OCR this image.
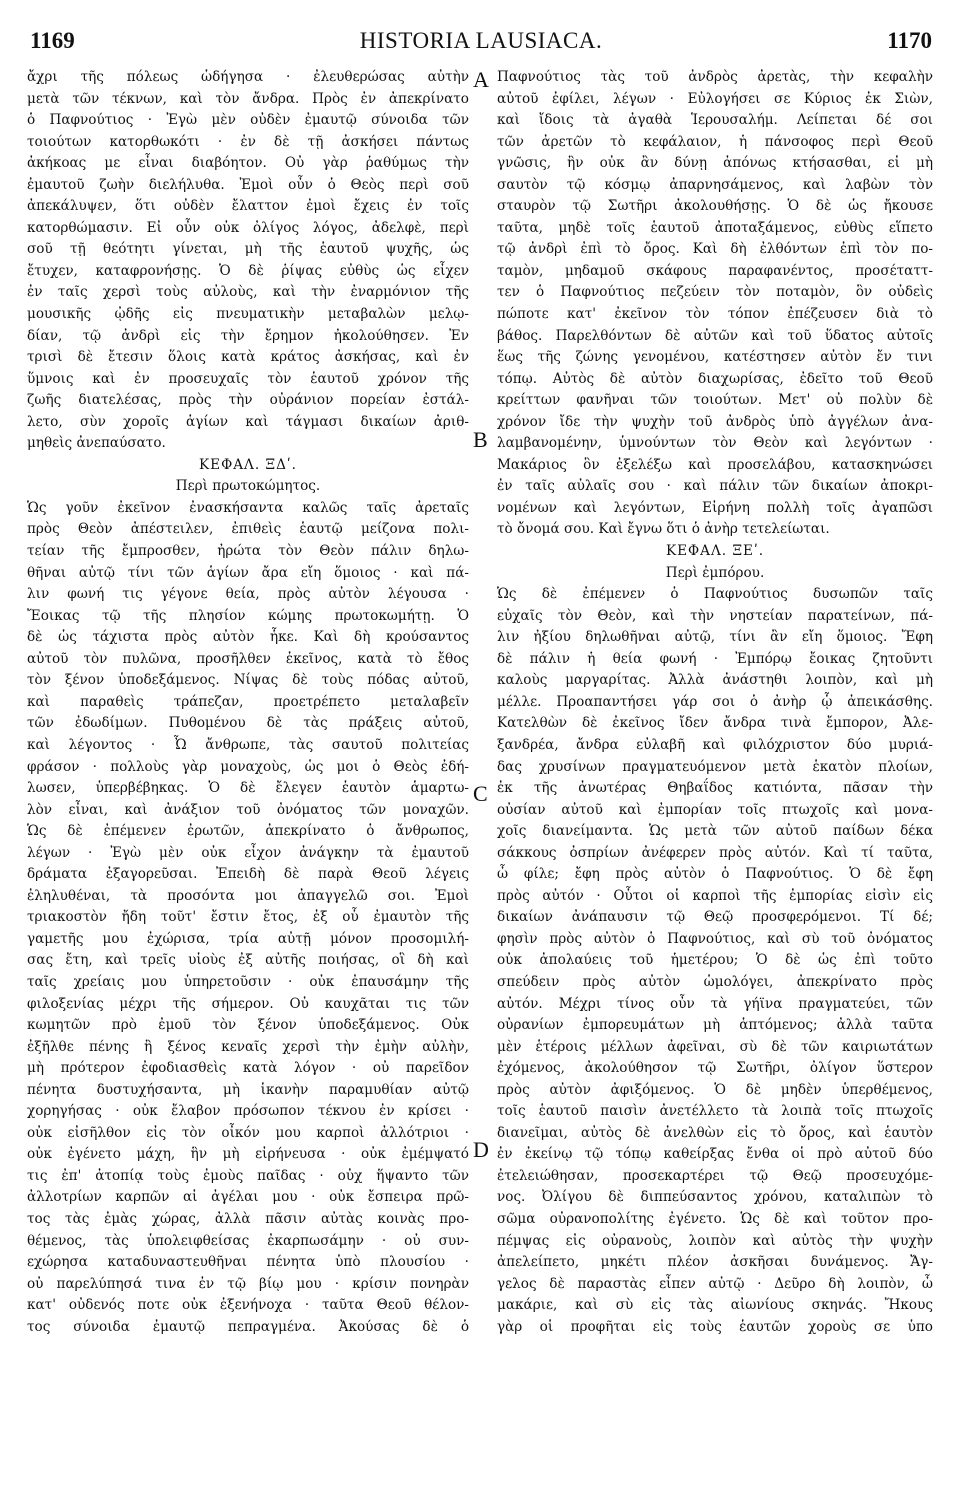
1169	HISTORIA LAUSIACA.	1170
A
B
C
D

ἄχρι τῆς πόλεως ὡδήγησα · ἐλευθερώσας αὐτὴν

μετὰ τῶν τέκνων, καὶ τὸν ἄνδρα. Πρὸς ἐν ἀπεκρίνατο

ὁ Παφνούτιος · Ἐγὼ μὲν οὐδὲν ἐμαυτῷ σύνοιδα τῶν

τοιούτων κατορθωκότι · ἐν δὲ τῇ ἀσκήσει πάντως

ἀκήκοας με εἶναι διαβόητον. Οὐ γὰρ ῥαθύμως τὴν

ἐμαυτοῦ ζωὴν διελήλυθα. Ἐμοὶ οὖν ὁ Θεὸς περὶ σοῦ

ἀπεκάλυψεν, ὅτι οὐδὲν ἔλαττον ἐμοὶ ἔχεις ἐν τοῖς

κατορθώμασιν. Εἰ οὖν οὐκ ὀλίγος λόγος, ἀδελφὲ, περὶ

σοῦ τῇ θεότητι γίνεται, μὴ τῆς ἑαυτοῦ ψυχῆς, ὡς

ἔτυχεν, καταφρονήσῃς. Ὁ δὲ ῥίψας εὐθὺς ὡς εἶχεν

ἐν ταῖς χερσὶ τοὺς αὐλοὺς, καὶ τὴν ἐναρμόνιον τῆς

μουσικῆς ᾠδῆς εἰς πνευματικὴν μεταβαλὼν μελῳ-

δίαν, τῷ ἀνδρὶ εἰς τὴν ἔρημον ἠκολούθησεν. Ἐν

τρισὶ δὲ ἔτεσιν ὅλοις κατὰ κράτος ἀσκήσας, καὶ ἐν

ὕμνοις καὶ ἐν προσευχαῖς τὸν ἑαυτοῦ χρόνον τῆς

ζωῆς διατελέσας, πρὸς τὴν οὐράνιον πορείαν ἐστάλ-

λετο, σὺν χοροῖς ἁγίων καὶ τάγμασι δικαίων ἀριθ-

μηθεὶς ἀνεπαύσατο.

ΚΕΦΑΛ. ΞΔʹ.

Περὶ πρωτοκώμητος.

Ὡς γοῦν ἐκεῖνον ἐνασκήσαντα καλῶς ταῖς ἀρεταῖς

πρὸς Θεὸν ἀπέστειλεν, ἐπιθεὶς ἑαυτῷ μείζονα πολι-

τείαν τῆς ἔμπροσθεν, ἠρώτα τὸν Θεὸν πάλιν δηλω-

θῆναι αὐτῷ τίνι τῶν ἁγίων ἄρα εἴη ὅμοιος · καὶ πά-

λιν φωνή τις γέγονε θεία, πρὸς αὐτὸν λέγουσα ·

Ἔοικας τῷ τῆς πλησίον κώμης πρωτοκωμήτῃ. Ὁ

δὲ ὡς τάχιστα πρὸς αὐτὸν ἧκε. Καὶ δὴ κρούσαντος

αὐτοῦ τὸν πυλῶνα, προσῆλθεν ἐκεῖνος, κατὰ τὸ ἔθος

τὸν ξένον ὑποδεξάμενος. Νίψας δὲ τοὺς πόδας αὐτοῦ,

καὶ παραθεὶς τράπεζαν, προετρέπετο μεταλαβεῖν

τῶν ἐδωδίμων. Πυθομένου δὲ τὰς πράξεις αὐτοῦ,

καὶ λέγοντος · Ὦ ἄνθρωπε, τὰς σαυτοῦ πολιτείας

φράσον · πολλοὺς γὰρ μοναχοὺς, ὡς μοι ὁ Θεὸς ἐδή-

λωσεν, ὑπερβέβηκας. Ὁ δὲ ἔλεγεν ἑαυτὸν ἁμαρτω-

λὸν εἶναι, καὶ ἀνάξιον τοῦ ὀνόματος τῶν μοναχῶν.

Ὡς δὲ ἐπέμενεν ἐρωτῶν, ἀπεκρίνατο ὁ ἄνθρωπος,

λέγων · Ἐγὼ μὲν οὐκ εἶχον ἀνάγκην τὰ ἐμαυτοῦ

δράματα ἐξαγορεῦσαι. Ἐπειδὴ δὲ παρὰ Θεοῦ λέγεις

ἐληλυθέναι, τὰ προσόντα μοι ἀπαγγελῶ σοι. Ἐμοὶ

τριακοστὸν ἤδη τοῦτ' ἔστιν ἔτος, ἐξ οὗ ἐμαυτὸν τῆς

γαμετῆς μου ἐχώρισα, τρία αὐτῇ μόνον προσομιλή-

σας ἔτη, καὶ τρεῖς υἱοὺς ἐξ αὐτῆς ποιήσας, οἳ δὴ καὶ

ταῖς χρείαις μου ὑπηρετοῦσιν · οὐκ ἐπαυσάμην τῆς

φιλοξενίας μέχρι τῆς σήμερον. Οὐ καυχᾶται τις τῶν

κωμητῶν πρὸ ἐμοῦ τὸν ξένον ὑποδεξάμενος. Οὐκ

ἐξῆλθε πένης ἢ ξένος κεναῖς χερσὶ τὴν ἐμὴν αὐλὴν,

μὴ πρότερον ἐφοδιασθεὶς κατὰ λόγον · οὐ παρεῖδον

πένητα δυστυχήσαντα, μὴ ἱκανὴν παραμυθίαν αὐτῷ

χορηγήσας · οὐκ ἔλαβον πρόσωπον τέκνου ἐν κρίσει ·

οὐκ εἰσῆλθον εἰς τὸν οἶκόν μου καρποὶ ἀλλότριοι ·

οὐκ ἐγένετο μάχη, ἣν μὴ εἰρήνευσα · οὐκ ἐμέμψατό

τις ἐπ' ἀτοπίᾳ τοὺς ἐμοὺς παῖδας · οὐχ ἥψαντο τῶν

ἀλλοτρίων καρπῶν αἱ ἀγέλαι μου · οὐκ ἔσπειρα πρῶ-

τος τὰς ἐμὰς χώρας, ἀλλὰ πᾶσιν αὐτὰς κοινὰς προ-

θέμενος, τὰς ὑπολειφθείσας ἐκαρπωσάμην · οὐ συν-

εχώρησα καταδυναστευθῆναι πένητα ὑπὸ πλουσίου ·

οὐ παρελύπησά τινα ἐν τῷ βίῳ μου · κρίσιν πονηρὰν

κατ' οὐδενός ποτε οὐκ ἐξενήνοχα · ταῦτα Θεοῦ θέλον-

τος σύνοιδα ἐμαυτῷ πεπραγμένα. Ἀκούσας δὲ ὁ

Παφνούτιος τὰς τοῦ ἀνδρὸς ἀρετὰς, τὴν κεφαλὴν

αὐτοῦ ἐφίλει, λέγων · Εὐλογήσει σε Κύριος ἐκ Σιὼν,

καὶ ἴδοις τὰ ἀγαθὰ Ἱερουσαλήμ. Λείπεται δέ σοι

τῶν ἀρετῶν τὸ κεφάλαιον, ἡ πάνσοφος περὶ Θεοῦ

γνῶσις, ἣν οὐκ ἂν δύνῃ ἀπόνως κτήσασθαι, εἰ μὴ

σαυτὸν τῷ κόσμῳ ἀπαρνησάμενος, καὶ λαβὼν τὸν

σταυρὸν τῷ Σωτῆρι ἀκολουθήσῃς. Ὁ δὲ ὡς ἤκουσε

ταῦτα, μηδὲ τοῖς ἑαυτοῦ ἀποταξάμενος, εὐθὺς εἵπετο

τῷ ἀνδρὶ ἐπὶ τὸ ὄρος. Καὶ δὴ ἐλθόντων ἐπὶ τὸν πο-

ταμὸν, μηδαμοῦ σκάφους παραφανέντος, προσέταττ-

τεν ὁ Παφνούτιος πεζεύειν τὸν ποταμὸν, ὃν οὐδεὶς

πώποτε κατ' ἐκεῖνον τὸν τόπον ἐπέζευσεν διὰ τὸ

βάθος. Παρελθόντων δὲ αὐτῶν καὶ τοῦ ὕδατος αὐτοῖς

ἕως τῆς ζώνης γενομένου, κατέστησεν αὐτὸν ἔν τινι

τόπῳ. Αὐτὸς δὲ αὐτὸν διαχωρίσας, ἐδεῖτο τοῦ Θεοῦ

κρείττων φανῆναι τῶν τοιούτων. Μετ' οὐ πολὺν δὲ

χρόνον ἴδε τὴν ψυχὴν τοῦ ἀνδρὸς ὑπὸ ἀγγέλων ἀνα-

λαμβανομένην, ὑμνούντων τὸν Θεὸν καὶ λεγόντων ·

Μακάριος ὃν ἐξελέξω καὶ προσελάβου, κατασκηνώσει

ἐν ταῖς αὐλαῖς σου · καὶ πάλιν τῶν δικαίων ἀποκρι-

νομένων καὶ λεγόντων, Εἰρήνη πολλὴ τοῖς ἀγαπῶσι

τὸ ὄνομά σου. Καὶ ἔγνω ὅτι ὁ ἀνὴρ τετελείωται.

ΚΕΦΑΛ. ΞΕʹ.

Περὶ ἐμπόρου.

Ὡς δὲ ἐπέμενεν ὁ Παφνούτιος δυσωπῶν ταῖς

εὐχαῖς τὸν Θεὸν, καὶ τὴν νηστείαν παρατείνων, πά-

λιν ἠξίου δηλωθῆναι αὐτῷ, τίνι ἂν εἴη ὅμοιος. Ἔφη

δὲ πάλιν ἡ θεία φωνή · Ἐμπόρῳ ἔοικας ζητοῦντι

καλοὺς μαργαρίτας. Ἀλλὰ ἀνάστηθι λοιπὸν, καὶ μὴ

μέλλε. Προαπαντήσει γάρ σοι ὁ ἀνὴρ ᾧ ἀπεικάσθης.

Κατελθὼν δὲ ἐκεῖνος ἴδεν ἄνδρα τινὰ ἔμπορον, Ἀλε-

ξανδρέα, ἄνδρα εὐλαβῆ καὶ φιλόχριστον δύο μυριά-

δας χρυσίνων πραγματευόμενον μετὰ ἑκατὸν πλοίων,

ἐκ τῆς ἀνωτέρας Θηβαΐδος κατιόντα, πᾶσαν τὴν

οὐσίαν αὐτοῦ καὶ ἐμπορίαν τοῖς πτωχοῖς καὶ μονα-

χοῖς διανείμαντα. Ὡς μετὰ τῶν αὐτοῦ παίδων δέκα

σάκκους ὀσπρίων ἀνέφερεν πρὸς αὐτόν. Καὶ τί ταῦτα,

ὦ φίλε; ἔφη πρὸς αὐτὸν ὁ Παφνούτιος. Ὁ δὲ ἔφη

πρὸς αὐτόν · Οὗτοι οἱ καρποὶ τῆς ἐμπορίας εἰσὶν εἰς

δικαίων ἀνάπαυσιν τῷ Θεῷ προσφερόμενοι. Τί δέ;

φησὶν πρὸς αὐτὸν ὁ Παφνούτιος, καὶ σὺ τοῦ ὀνόματος

οὐκ ἀπολαύεις τοῦ ἡμετέρου; Ὁ δὲ ὡς ἐπὶ τοῦτο

σπεύδειν πρὸς αὐτὸν ὡμολόγει, ἀπεκρίνατο πρὸς

αὐτόν. Μέχρι τίνος οὖν τὰ γήϊνα πραγματεύει, τῶν

οὐρανίων ἐμπορευμάτων μὴ ἁπτόμενος; ἀλλὰ ταῦτα

μὲν ἑτέροις μέλλων ἀφεῖναι, σὺ δὲ τῶν καιριωτάτων

ἐχόμενος, ἀκολούθησον τῷ Σωτῆρι, ὀλίγον ὕστερον

πρὸς αὐτὸν ἀφιξόμενος. Ὁ δὲ μηδὲν ὑπερθέμενος,

τοῖς ἑαυτοῦ παισὶν ἀνετέλλετο τὰ λοιπὰ τοῖς πτωχοῖς

διανεῖμαι, αὐτὸς δὲ ἀνελθὼν εἰς τὸ ὄρος, καὶ ἑαυτὸν

ἐν ἐκείνῳ τῷ τόπῳ καθείρξας ἔνθα οἱ πρὸ αὐτοῦ δύο

ἐτελειώθησαν, προσεκαρτέρει τῷ Θεῷ προσευχόμε-

νος. Ὀλίγου δὲ διππεύσαντος χρόνου, καταλιπὼν τὸ

σῶμα οὐρανοπολίτης ἐγένετο. Ὡς δὲ καὶ τοῦτον προ-

πέμψας εἰς οὐρανοὺς, λοιπὸν καὶ αὐτὸς τὴν ψυχὴν

ἀπελείπετο, μηκέτι πλέον ἀσκῆσαι δυνάμενος. Ἄγ-

γελος δὲ παραστὰς εἶπεν αὐτῷ · Δεῦρο δὴ λοιπὸν, ὦ

μακάριε, καὶ σὺ εἰς τὰς αἰωνίους σκηνάς. Ἤκους

γὰρ οἱ προφῆται εἰς τοὺς ἑαυτῶν χοροὺς σε ὑπο
